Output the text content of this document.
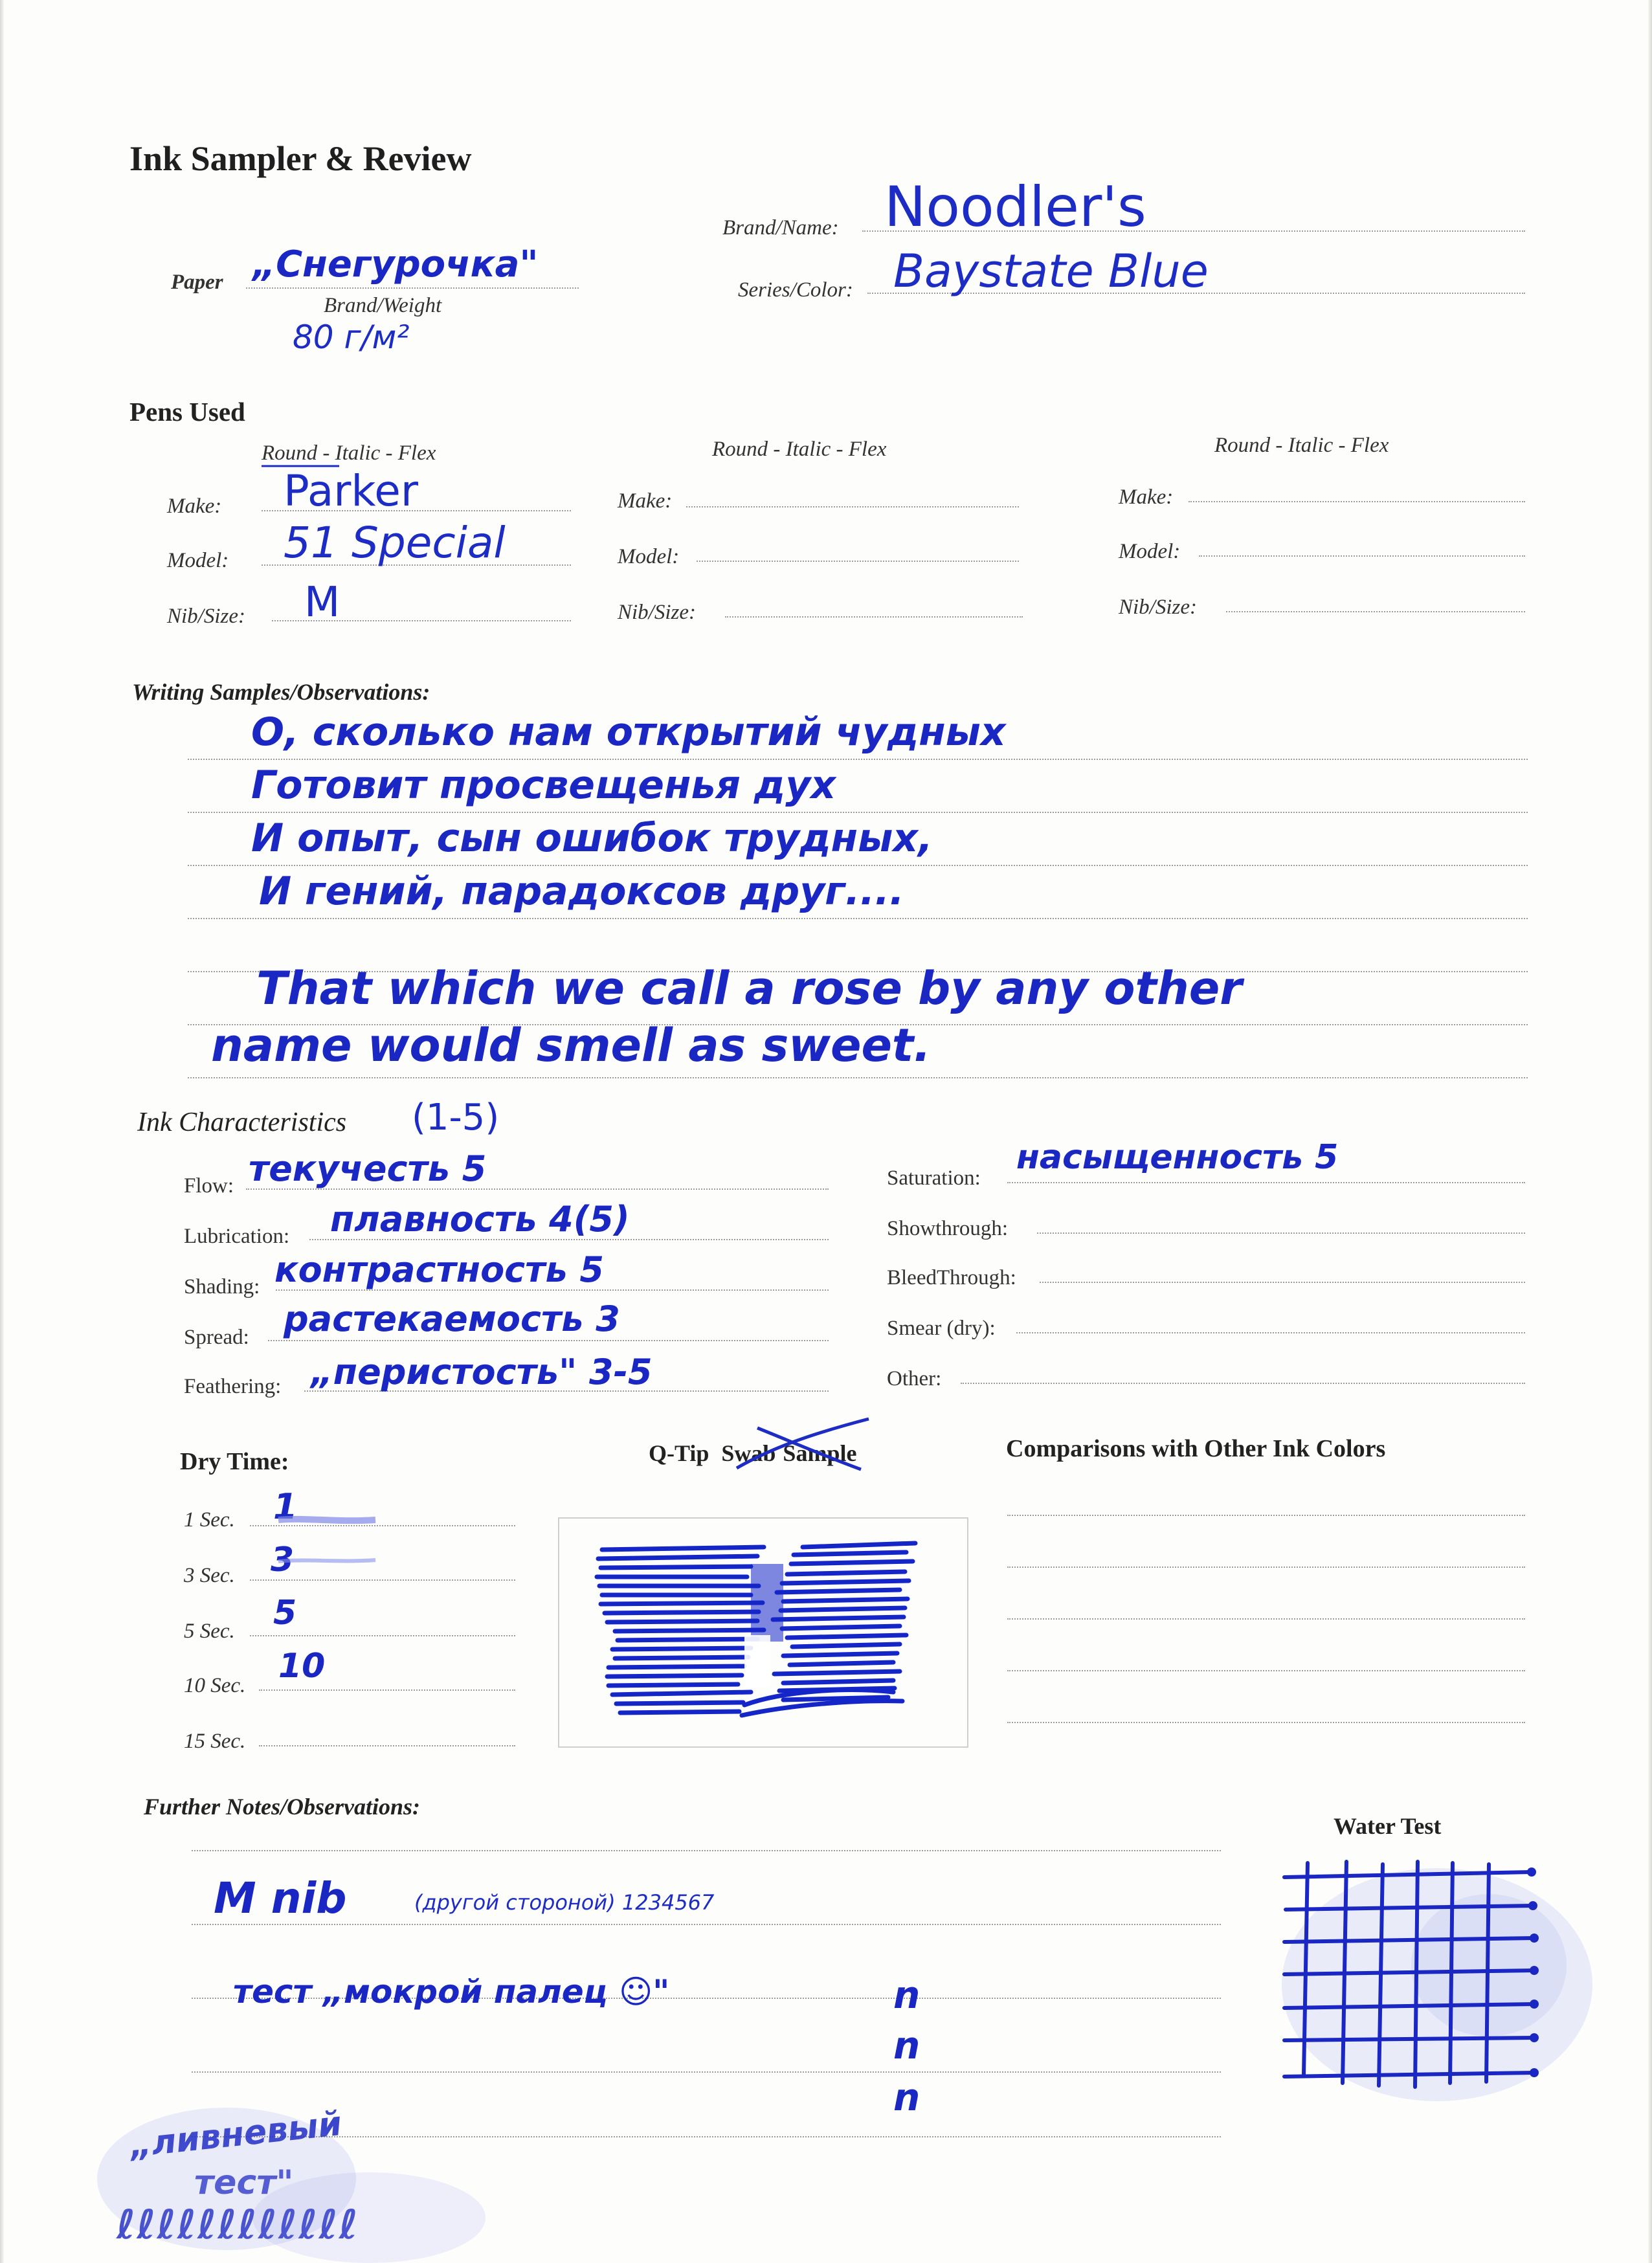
Ink Sampler & Review
Brand/Name: Noodler's
Series/Color: Baystate Blue
Paper „Снегурочка"
Brand/Weight
80 г/м²
Pens Used
Round - Italic - Flex
Make: Parker
Model: 51 Special
Nib/Size: M
Round - Italic - Flex
Make:
Model:
Nib/Size:
Round - Italic - Flex
Make:
Model:
Nib/Size:
Writing Samples/Observations:
О, сколько нам открытий чудных
Готовит просвещенья дух
И опыт, сын ошибок трудных,
И гений, парадоксов друг....
That which we call a rose by any other
name would smell as sweet.
Ink Characteristics (1-5)
Flow: текучесть 5
Lubrication: плавность 4(5)
Shading: контрастность 5
Spread: растекаемость 3
Feathering: „перистость" 3-5
Saturation:
насыщенность 5
Showthrough:
BleedThrough:
Smear (dry):
Other:
Dry Time:
1 Sec. 1
3 Sec. 3
5 Sec. 5
10 Sec. 10
15 Sec.
Q-Tip Swab Sample	Comparisons with Other Ink Colors
Further Notes/Observations:
M nib	(другой стороной) 1234567
тест „мокрой палец ☺"	n
n
n
„ливневый
тест"
ℓℓℓℓℓℓℓℓℓℓℓℓ
Water Test
